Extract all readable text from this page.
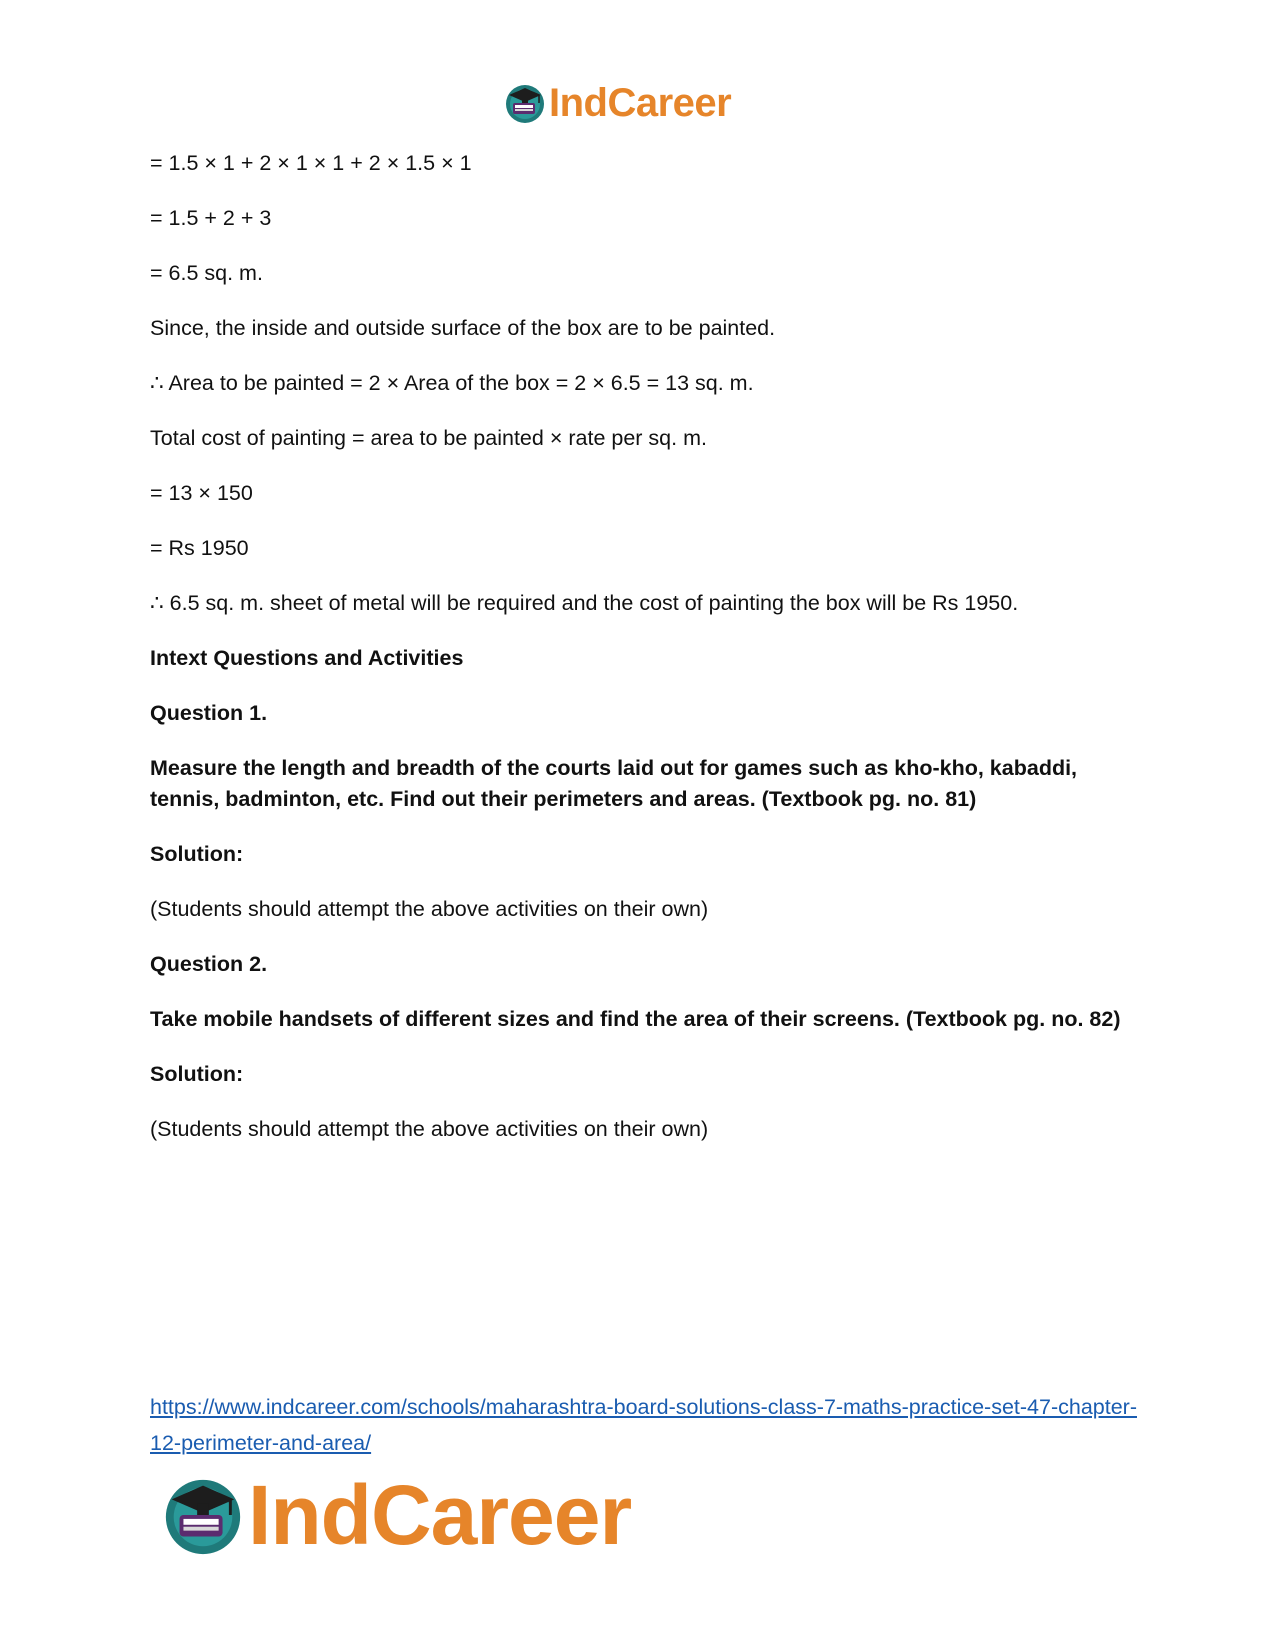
IndCareer

= 1.5 × 1 + 2 × 1 × 1 + 2 × 1.5 × 1

= 1.5 + 2 + 3

= 6.5 sq. m.

Since, the inside and outside surface of the box are to be painted.

∴ Area to be painted = 2 × Area of the box = 2 × 6.5 = 13 sq. m.

Total cost of painting = area to be painted × rate per sq. m.

= 13 × 150

= Rs 1950

∴ 6.5 sq. m. sheet of metal will be required and the cost of painting the box will be Rs 1950.

Intext Questions and Activities

Question 1.

Measure the length and breadth of the courts laid out for games such as kho-kho, kabaddi, tennis, badminton, etc. Find out their perimeters and areas. (Textbook pg. no. 81)

Solution:

(Students should attempt the above activities on their own)

Question 2.

Take mobile handsets of different sizes and find the area of their screens. (Textbook pg. no. 82)

Solution:

(Students should attempt the above activities on their own)

https://www.indcareer.com/schools/maharashtra-board-solutions-class-7-maths-practice-set-47-chapter-12-perimeter-and-area/
IndCareer
